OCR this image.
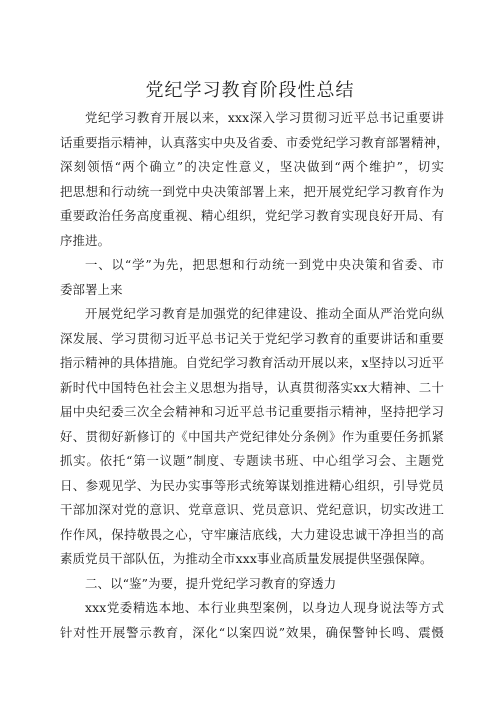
党纪学习教育阶段性总结
党纪学习教育开展以来，xxx深入学习贯彻习近平总书记重要讲
话重要指示精神，认真落实中央及省委、市委党纪学习教育部署精神，
深刻领悟“两个确立”的决定性意义，坚决做到“两个维护”，切实
把思想和行动统一到党中央决策部署上来，把开展党纪学习教育作为
重要政治任务高度重视、精心组织，党纪学习教育实现良好开局、有
序推进。
一、以“学”为先，把思想和行动统一到党中央决策和省委、市
委部署上来
开展党纪学习教育是加强党的纪律建设、推动全面从严治党向纵
深发展、学习贯彻习近平总书记关于党纪学习教育的重要讲话和重要
指示精神的具体措施。自党纪学习教育活动开展以来，x坚持以习近平
新时代中国特色社会主义思想为指导，认真贯彻落实xx大精神、二十
届中央纪委三次全会精神和习近平总书记重要指示精神，坚持把学习
好、贯彻好新修订的《中国共产党纪律处分条例》作为重要任务抓紧
抓实。依托“第一议题”制度、专题读书班、中心组学习会、主题党
日、参观见学、为民办实事等形式统筹谋划推进精心组织，引导党员
干部加深对党的意识、党章意识、党员意识、党纪意识，切实改进工
作作风，保持敬畏之心，守牢廉洁底线，大力建设忠诚干净担当的高
素质党员干部队伍，为推动全市xxx事业高质量发展提供坚强保障。
二、以“鉴”为要，提升党纪学习教育的穿透力
xxx党委精选本地、本行业典型案例，以身边人现身说法等方式
针对性开展警示教育，深化“以案四说”效果，确保警钟长鸣、震慑
